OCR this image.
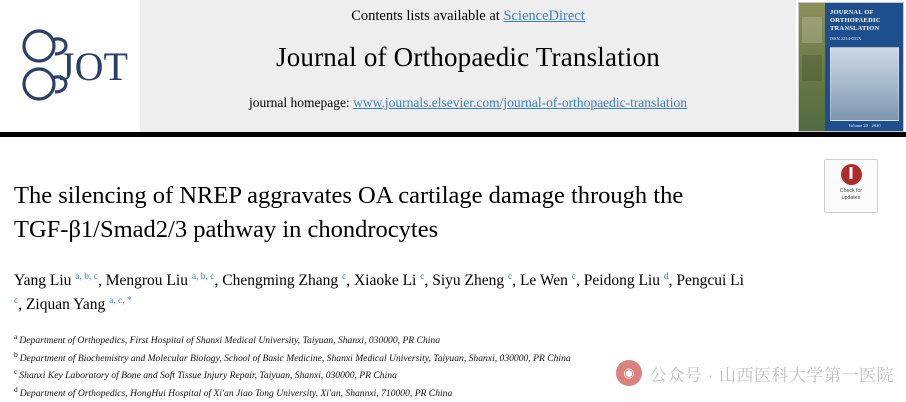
JOT
Contents lists available at ScienceDirect
Journal of Orthopaedic Translation
journal homepage: www.journals.elsevier.com/journal-of-orthopaedic-translation
JOURNAL OF
ORTHOPAEDIC
TRANSLATION
ISSN 2214-031X
Volume 20 · 2020
Check for
updates
The silencing of NREP aggravates OA cartilage damage through the TGF-β1/Smad2/3 pathway in chondrocytes
Yang Liu $^{a, b, c}$, Mengrou Liu $^{a, b, c}$, Chengming Zhang $^c$, Xiaoke Li $^c$, Siyu Zheng $^c$, Le Wen $^c$, Peidong Liu $^d$, Pengcui Li $^c$, Ziquan Yang $^{a, c, *}$
$^a$ Department of Orthopedics, First Hospital of Shanxi Medical University, Taiyuan, Shanxi, 030000, PR China
$^b$ Department of Biochemistry and Molecular Biology, School of Basic Medicine, Shanxi Medical University, Taiyuan, Shanxi, 030000, PR China
$^c$ Shanxi Key Laboratory of Bone and Soft Tissue Injury Repair, Taiyuan, Shanxi, 030000, PR China
$^d$ Department of Orthopedics, HongHui Hospital of Xi'an Jiao Tong University, Xi'an, Shannxi, 710000, PR China
◉ 公众号 · 山西医科大学第一医院
